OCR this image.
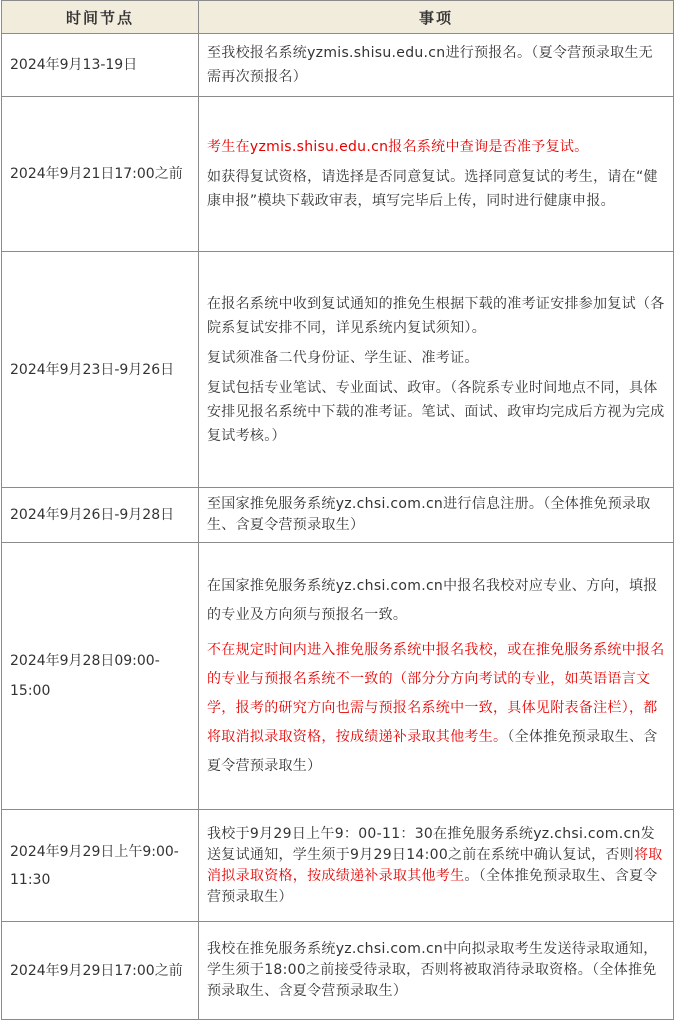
时间节点	事项
2024年9月13-19日	至我校报名系统yzmis.shisu.edu.cn进行预报名。（夏令营预录取生无需再次预报名）

2024年9月21日17:00之前	考生在yzmis.shisu.edu.cn报名系统中查询是否准予复试。

如获得复试资格，请选择是否同意复试。选择同意复试的考生，请在“健康申报”模块下载政审表，填写完毕后上传，同时进行健康申报。

2024年9月23日-9月26日	在报名系统中收到复试通知的推免生根据下载的准考证安排参加复试（各院系复试安排不同，详见系统内复试须知）。

复试须准备二代身份证、学生证、准考证。

复试包括专业笔试、专业面试、政审。（各院系专业时间地点不同，具体安排见报名系统中下载的准考证。笔试、面试、政审均完成后方视为完成复试考核。）

2024年9月26日-9月28日	至国家推免服务系统yz.chsi.com.cn进行信息注册。（全体推免预录取生、含夏令营预录取生）

2024年9月28日09:00-15:00	在国家推免服务系统yz.chsi.com.cn中报名我校对应专业、方向，填报的专业及方向须与预报名一致。

不在规定时间内进入推免服务系统中报名我校，或在推免服务系统中报名的专业与预报名系统不一致的（部分分方向考试的专业，如英语语言文学，报考的研究方向也需与预报名系统中一致，具体见附表备注栏），都将取消拟录取资格，按成绩递补录取其他考生。（全体推免预录取生、含夏令营预录取生）

2024年9月29日上午9:00-11:30	我校于9月29日上午9：00-11：30在推免服务系统yz.chsi.com.cn发送复试通知，学生须于9月29日14:00之前在系统中确认复试，否则将取消拟录取资格，按成绩递补录取其他考生。（全体推免预录取生、含夏令营预录取生）

2024年9月29日17:00之前	我校在推免服务系统yz.chsi.com.cn中向拟录取考生发送待录取通知，学生须于18:00之前接受待录取，否则将被取消待录取资格。（全体推免预录取生、含夏令营预录取生）
